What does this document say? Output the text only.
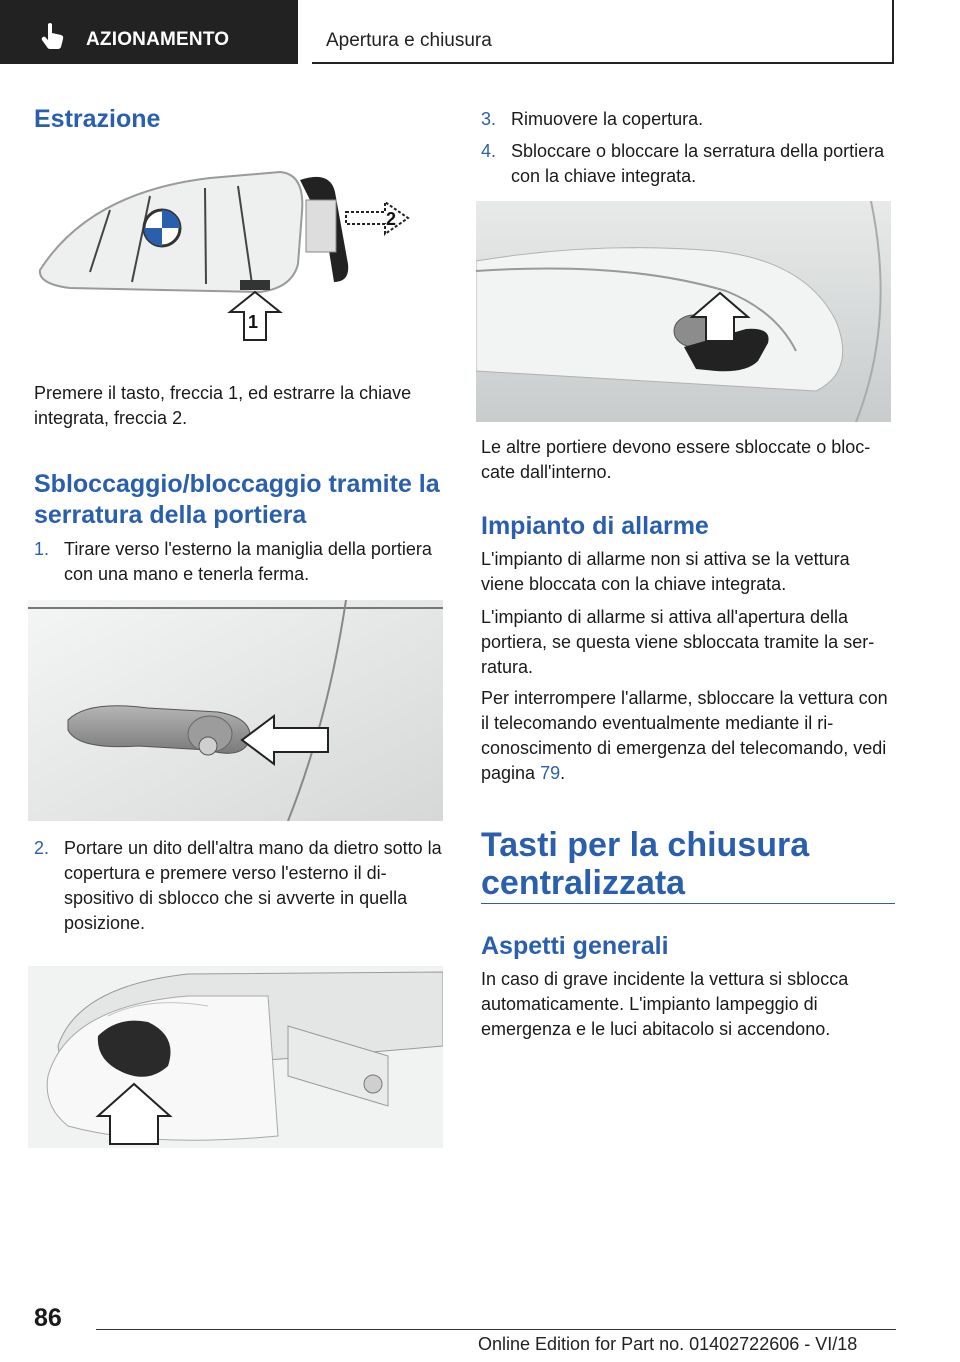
AZIONAMENTO	Apertura e chiusura
Estrazione
2
1
Premere il tasto, freccia 1, ed estrarre la chiave integrata, freccia 2.
Sbloccaggio/bloccaggio tramite la serratura della portiera
1. Tirare verso l'esterno la maniglia della portiera con una mano e tenerla ferma.
2. Portare un dito dell'altra mano da dietro sotto la copertura e premere verso l'esterno il dispositivo di sblocco che si avverte in quella posizione.
3. Rimuovere la copertura.
4. Sbloccare o bloccare la serratura della portiera con la chiave integrata.
Le altre portiere devono essere sbloccate o bloccate dall'interno.
Impianto di allarme
L'impianto di allarme non si attiva se la vettura viene bloccata con la chiave integrata.
L'impianto di allarme si attiva all'apertura della portiera, se questa viene sbloccata tramite la serratura.
Per interrompere l'allarme, sbloccare la vettura con il telecomando eventualmente mediante il riconoscimento di emergenza del telecomando, vedi pagina 79.
Tasti per la chiusura centralizzata
Aspetti generali
In caso di grave incidente la vettura si sblocca automaticamente. L'impianto lampeggio di emergenza e le luci abitacolo si accendono.
86
Online Edition for Part no. 01402722606 - VI/18
